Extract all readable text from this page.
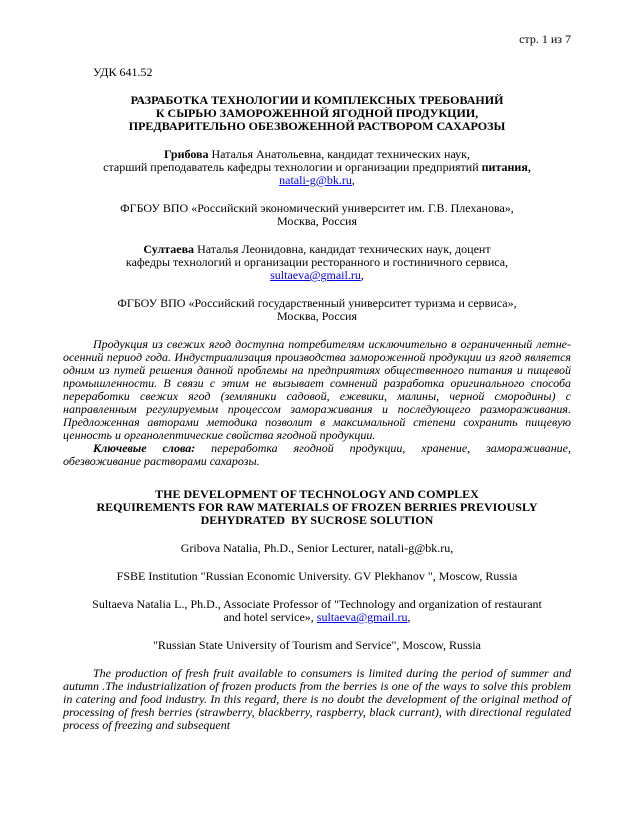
стр. 1 из 7
УДК 641.52
РАЗРАБОТКА ТЕХНОЛОГИИ И КОМПЛЕКСНЫХ ТРЕБОВАНИЙ
К СЫРЬЮ ЗАМОРОЖЕННОЙ ЯГОДНОЙ ПРОДУКЦИИ,
ПРЕДВАРИТЕЛЬНО ОБЕЗВОЖЕННОЙ РАСТВОРОМ САХАРОЗЫ
Грибова Наталья Анатольевна, кандидат технических наук,
старший преподаватель кафедры технологии и организации предприятий питания,
natali-g@bk.ru,
ФГБОУ ВПО «Российский экономический университет им. Г.В. Плеханова»,
Москва, Россия
Султаева Наталья Леонидовна, кандидат технических наук, доцент
кафедры технологий и организации ресторанного и гостиничного сервиса,
sultaeva@gmail.ru,
ФГБОУ ВПО «Российский государственный университет туризма и сервиса»,
Москва, Россия
Продукция из свежих ягод доступна потребителям исключительно в ограниченный летне-осенний период года. Индустриализация производства замороженной продукции из ягод является одним из путей решения данной проблемы на предприятиях общественного питания и пищевой промышленности. В связи с этим не вызывает сомнений разработка оригинального способа переработки свежих ягод (земляники садовой, ежевики, малины, черной смородины) с направленным регулируемым процессом замораживания и последующего размораживания. Предложенная авторами методика позволит в максимальной степени сохранить пищевую ценность и органолептические свойства ягодной продукции.
Ключевые слова: переработка ягодной продукции, хранение, замораживание, обезвоживание растворами сахарозы.
THE DEVELOPMENT OF TECHNOLOGY AND COMPLEX
REQUIREMENTS FOR RAW MATERIALS OF FROZEN BERRIES PREVIOUSLY
DEHYDRATED  BY SUCROSE SOLUTION
Gribova Natalia, Ph.D., Senior Lecturer, natali-g@bk.ru,
FSBE Institution "Russian Economic University. GV Plekhanov ", Moscow, Russia
Sultaeva Natalia L., Ph.D., Associate Professor of "Technology and organization of restaurant
and hotel service», sultaeva@gmail.ru,
"Russian State University of Tourism and Service", Moscow, Russia
The production of fresh fruit available to consumers is limited during the period of summer and autumn .The industrialization of frozen products from the berries is one of the ways to solve this problem in catering and food industry. In this regard, there is no doubt the development of the original method of processing of fresh berries (strawberry, blackberry, raspberry, black currant), with directional regulated process of freezing and subsequent
